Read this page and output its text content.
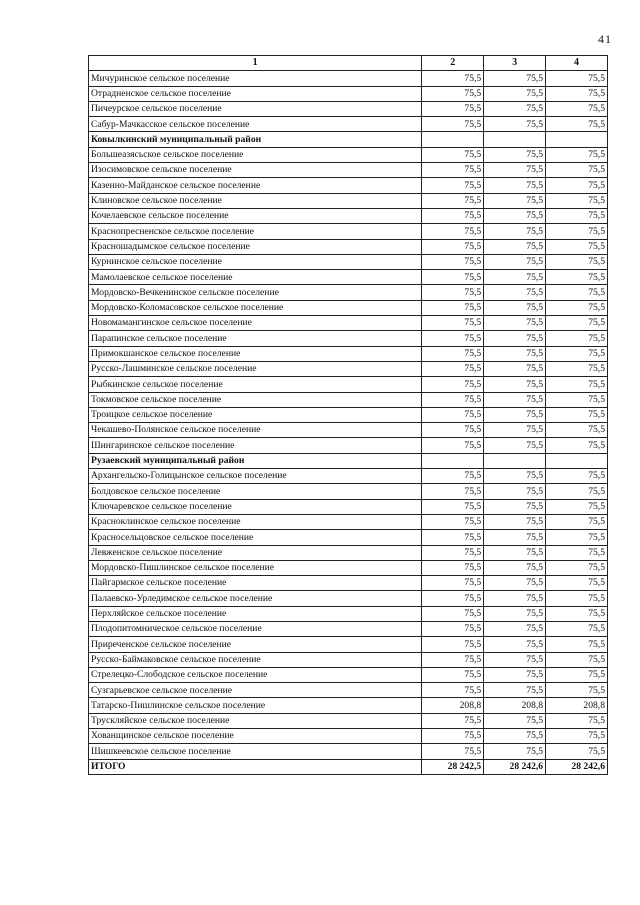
41
1	2	3	4
Мичуринское сельское поселение	75,5	75,5	75,5
Отрадненское сельское поселение	75,5	75,5	75,5
Пичеурское сельское поселение	75,5	75,5	75,5
Сабур-Мачкасское сельское поселение	75,5	75,5	75,5
Ковылкинский муниципальный район			
Большеазясьское сельское поселение	75,5	75,5	75,5
Изосимовское сельское поселение	75,5	75,5	75,5
Казенно-Майданское сельское поселение	75,5	75,5	75,5
Клиновское сельское поселение	75,5	75,5	75,5
Кочелаевское сельское поселение	75,5	75,5	75,5
Краснопресненское сельское поселение	75,5	75,5	75,5
Красношадымское сельское поселение	75,5	75,5	75,5
Курнинское сельское поселение	75,5	75,5	75,5
Мамолаевское сельское поселение	75,5	75,5	75,5
Мордовско-Вечкенинское сельское поселение	75,5	75,5	75,5
Мордовско-Коломасовское сельское поселение	75,5	75,5	75,5
Новомамангинское сельское поселение	75,5	75,5	75,5
Парапинское сельское поселение	75,5	75,5	75,5
Примокшанское сельское поселение	75,5	75,5	75,5
Русско-Лашминское сельское поселение	75,5	75,5	75,5
Рыбкинское сельское поселение	75,5	75,5	75,5
Токмовское сельское поселение	75,5	75,5	75,5
Троицкое сельское поселение	75,5	75,5	75,5
Чекашево-Полянское сельское поселение	75,5	75,5	75,5
Шингаринское сельское поселение	75,5	75,5	75,5
Рузаевский муниципальный район			
Архангельско-Голицынское сельское поселение	75,5	75,5	75,5
Болдовское сельское поселение	75,5	75,5	75,5
Ключаревское сельское поселение	75,5	75,5	75,5
Красноклинское сельское поселение	75,5	75,5	75,5
Красносельцовское сельское поселение	75,5	75,5	75,5
Левженское сельское поселение	75,5	75,5	75,5
Мордовско-Пишлинское сельское поселение	75,5	75,5	75,5
Пайгармское сельское поселение	75,5	75,5	75,5
Палаевско-Урледимское сельское поселение	75,5	75,5	75,5
Перхляйское сельское поселение	75,5	75,5	75,5
Плодопитомническое сельское поселение	75,5	75,5	75,5
Приреченское сельское поселение	75,5	75,5	75,5
Русско-Баймаковское сельское поселение	75,5	75,5	75,5
Стрелецко-Слободское сельское поселение	75,5	75,5	75,5
Сузгарьевское сельское поселение	75,5	75,5	75,5
Татарско-Пишлинское сельское поселение	208,8	208,8	208,8
Трускляйское сельское поселение	75,5	75,5	75,5
Хованщинское сельское поселение	75,5	75,5	75,5
Шишкеевское сельское поселение	75,5	75,5	75,5
ИТОГО	28 242,5	28 242,6	28 242,6
